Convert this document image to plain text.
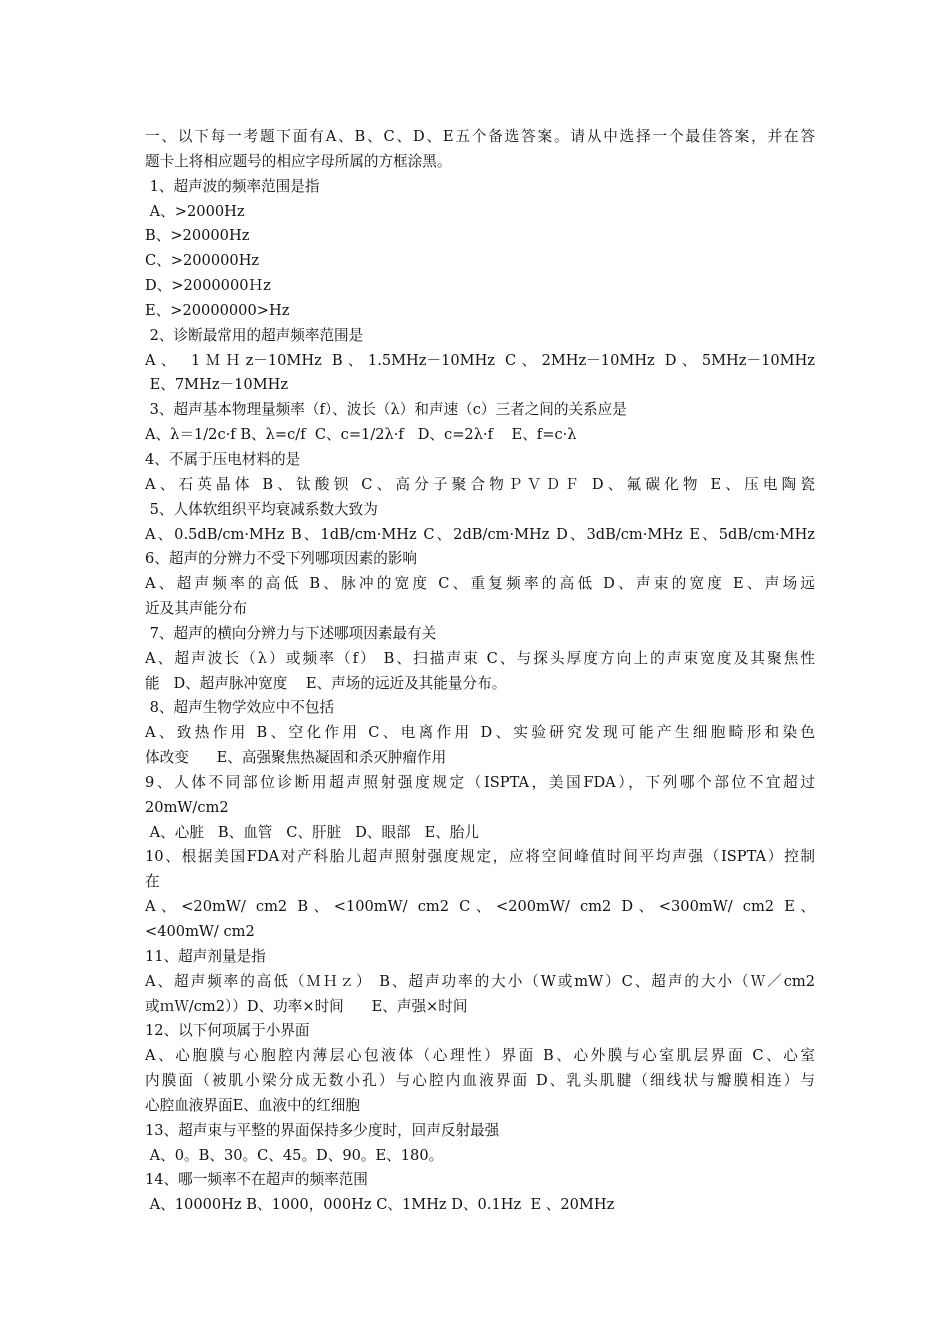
一、以下每一考题下面有A、B、C、D、E五个备选答案。请从中选择一个最佳答案，并在答
题卡上将相应题号的相应字母所属的方框涂黑。
1、超声波的频率范围是指
A、>2000Hz
B、>20000Hz
C、>200000Hz
D、>2000000Ｈz
E、>20000000>Hz
2、诊断最常用的超声频率范围是
A、 1ＭＨz－10MHz B、1.5MHz－10MHz C、2MHz－10MHz D、5MHz－10MHz
E、7MHz－10MHz
3、超声基本物理量频率（f）、波长（λ）和声速（c）三者之间的关系应是
A、λ＝1/2c·f B、λ=c/f  C、c=1/2λ·f   D、c=2λ·f    E、f=c·λ
4、不属于压电材料的是
A、石英晶体 B、钛酸钡 C、高分子聚合物ＰＶＤＦ D、氟碳化物 E、压电陶瓷
5、人体软组织平均衰减系数大致为
A、0.5dB/cm·MHz B、1dB/cm·MHz C、2dB/cm·MHz D、3dB/cm·MHz E、5dB/cm·MHz
6、超声的分辨力不受下列哪项因素的影响
A、超声频率的高低 B、脉冲的宽度 C、重复频率的高低 D、声束的宽度 E、声场远
近及其声能分布
7、超声的横向分辨力与下述哪项因素最有关
A、超声波长（λ）或频率（f） B、扫描声束 C、与探头厚度方向上的声束宽度及其聚焦性
能   D、超声脉冲宽度    E、声场的远近及其能量分布。
8、超声生物学效应中不包括
A、致热作用 B、空化作用 C、电离作用 D、实验研究发现可能产生细胞畸形和染色
体改变      E、高强聚焦热凝固和杀灭肿瘤作用
9、人体不同部位诊断用超声照射强度规定（ISPTA，美国FDA），下列哪个部位不宜超过
20mW/cm2
A、心脏   B、血管   C、肝脏   D、眼部   E、胎儿
10、根据美国FDA对产科胎儿超声照射强度规定，应将空间峰值时间平均声强（ISPTA）控制
在
A、<20mW/ cm2 B、<100mW/ cm2 C、<200mW/ cm2 D、<300mW/ cm2 E、
<400mW/ cm2
11、超声剂量是指
A、超声频率的高低（ＭＨｚ） B、超声功率的大小（W或mW）C、超声的大小（Ｗ／cm2
或ｍＷ/cm2））D、功率×时间      E、声强×时间
12、以下何项属于小界面
A、心胞膜与心胞腔内薄层心包液体（心理性）界面 B、心外膜与心室肌层界面 C、心室
内膜面（被肌小梁分成无数小孔）与心腔内血液界面 D、乳头肌腱（细线状与瓣膜相连）与
心腔血液界面E、血液中的红细胞
13、超声束与平整的界面保持多少度时，回声反射最强
A、0。B、30。C、45。D、90。E、180。
14、哪一频率不在超声的频率范围
A、10000Hz B、1000，000Hz C、1MHz D、0.1Hz  E 、20MHz
